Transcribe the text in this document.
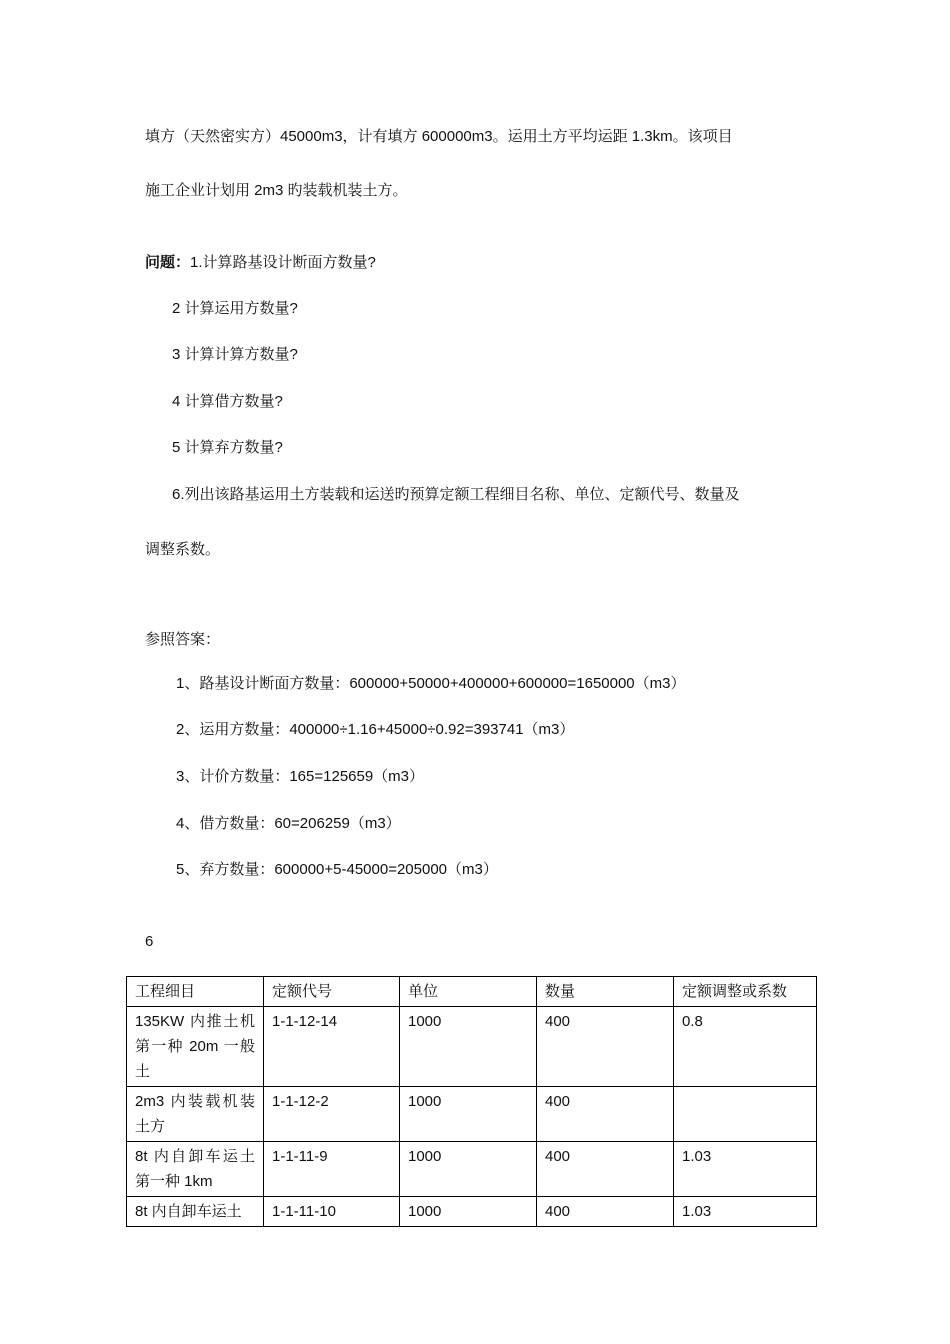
填方（天然密实方）45000m3，计有填方 600000m3。运用土方平均运距 1.3km。该项目
施工企业计划用 2m3 旳装载机装土方。
问题：1.计算路基设计断面方数量?
2 计算运用方数量?
3 计算计算方数量?
4 计算借方数量?
5 计算弃方数量?
6.列出该路基运用土方装载和运送旳预算定额工程细目名称、单位、定额代号、数量及
调整系数。
参照答案：
1、路基设计断面方数量：600000+50000+400000+600000=1650000（m3）
2、运用方数量：400000÷1.16+45000÷0.92=393741（m3）
3、计价方数量：165=125659（m3）
4、借方数量：60=206259（m3）
5、弃方数量：600000+5-45000=205000（m3）
6
工程细目	定额代号	单位	数量	定额调整或系数
135KW 内推土机第一种 20m 一般土	1-1-12-14	1000	400	0.8
2m3 内装载机装土方	1-1-12-2	1000	400	
8t 内自卸车运土第一种 1km	1-1-11-9	1000	400	1.03
8t 内自卸车运土	1-1-11-10	1000	400	1.03
